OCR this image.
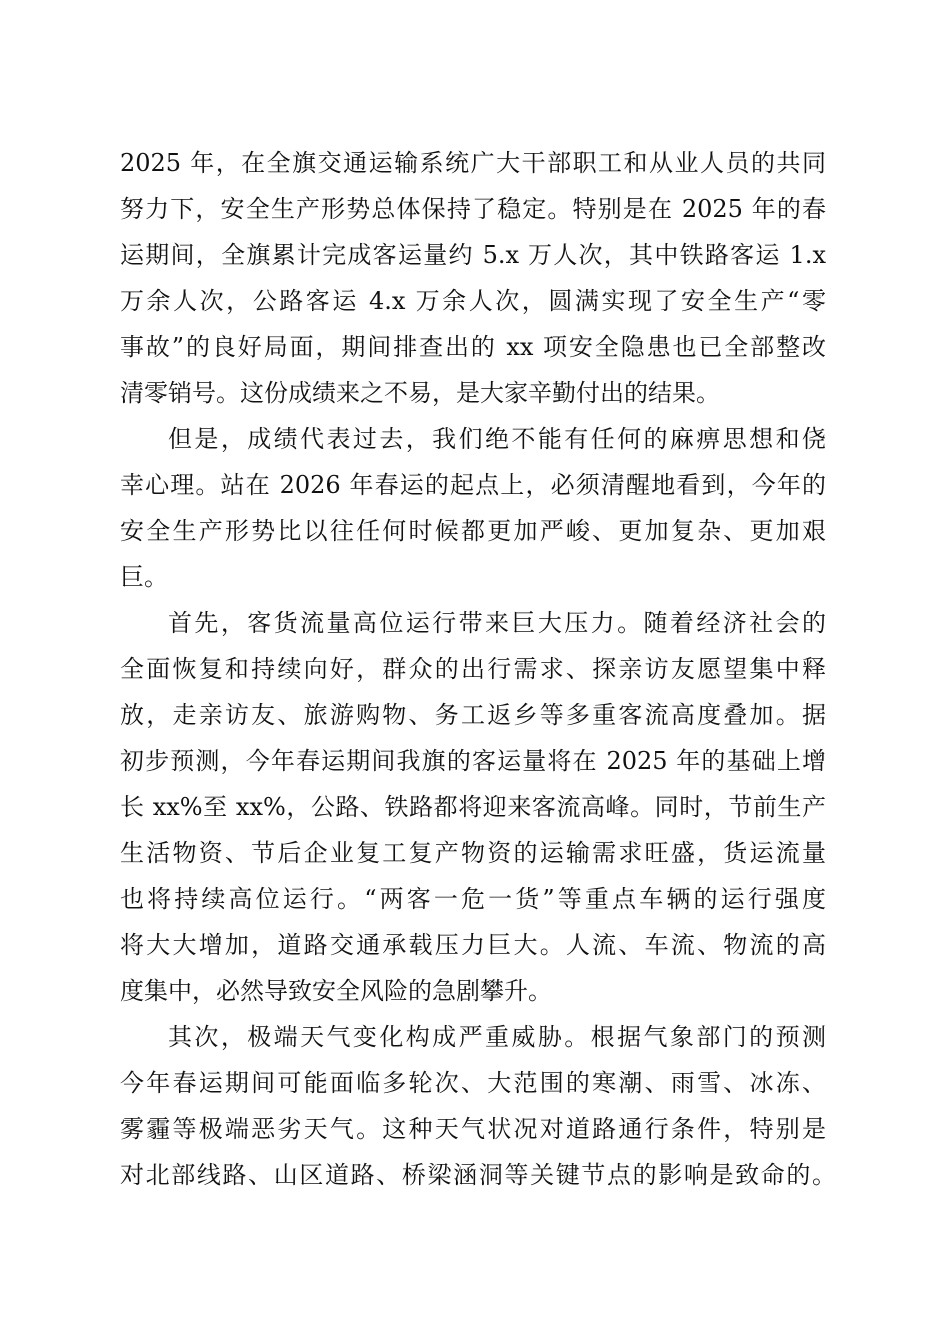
2025 年，在全旗交通运输系统广大干部职工和从业人员的共同
努力下，安全生产形势总体保持了稳定。特别是在 2025 年的春
运期间，全旗累计完成客运量约 5.x 万人次，其中铁路客运 1.x
万余人次，公路客运 4.x 万余人次，圆满实现了安全生产“零
事故”的良好局面，期间排查出的 xx 项安全隐患也已全部整改
清零销号。这份成绩来之不易，是大家辛勤付出的结果。
但是，成绩代表过去，我们绝不能有任何的麻痹思想和侥
幸心理。站在 2026 年春运的起点上，必须清醒地看到，今年的
安全生产形势比以往任何时候都更加严峻、更加复杂、更加艰
巨。
首先，客货流量高位运行带来巨大压力。随着经济社会的
全面恢复和持续向好，群众的出行需求、探亲访友愿望集中释
放，走亲访友、旅游购物、务工返乡等多重客流高度叠加。据
初步预测，今年春运期间我旗的客运量将在 2025 年的基础上增
长 xx%至 xx%，公路、铁路都将迎来客流高峰。同时，节前生产
生活物资、节后企业复工复产物资的运输需求旺盛，货运流量
也将持续高位运行。“两客一危一货”等重点车辆的运行强度
将大大增加，道路交通承载压力巨大。人流、车流、物流的高
度集中，必然导致安全风险的急剧攀升。
其次，极端天气变化构成严重威胁。根据气象部门的预测
今年春运期间可能面临多轮次、大范围的寒潮、雨雪、冰冻、
雾霾等极端恶劣天气。这种天气状况对道路通行条件，特别是
对北部线路、山区道路、桥梁涵洞等关键节点的影响是致命的。
